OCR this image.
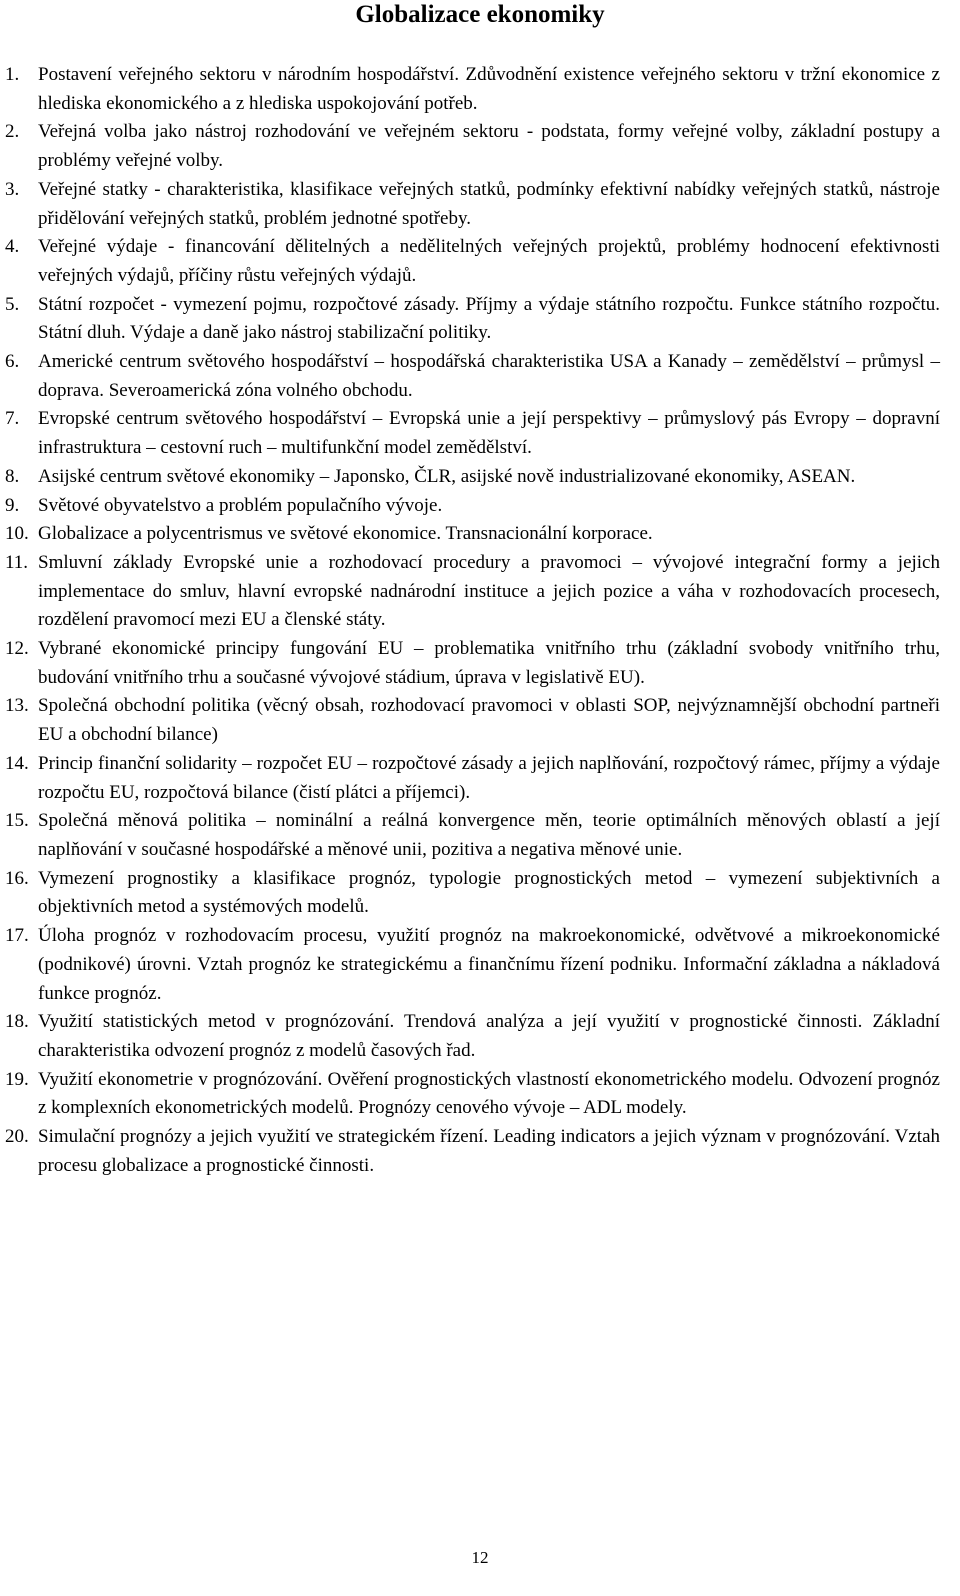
Globalizace ekonomiky
1. Postavení veřejného sektoru v národním hospodářství. Zdůvodnění existence veřejného sektoru v tržní ekonomice z hlediska ekonomického a z hlediska uspokojování potřeb.
2. Veřejná volba jako nástroj rozhodování ve veřejném sektoru - podstata, formy veřejné volby, základní postupy a problémy veřejné volby.
3. Veřejné statky - charakteristika, klasifikace veřejných statků, podmínky efektivní nabídky veřejných statků, nástroje přidělování veřejných statků, problém jednotné spotřeby.
4. Veřejné výdaje - financování dělitelných a nedělitelných veřejných projektů, problémy hodnocení efektivnosti veřejných výdajů, příčiny růstu veřejných výdajů.
5. Státní rozpočet - vymezení pojmu, rozpočtové zásady. Příjmy a výdaje státního rozpočtu. Funkce státního rozpočtu. Státní dluh. Výdaje a daně jako nástroj stabilizační politiky.
6. Americké centrum světového hospodářství – hospodářská charakteristika USA a Kanady – zemědělství – průmysl – doprava. Severoamerická zóna volného obchodu.
7. Evropské centrum světového hospodářství – Evropská unie a její perspektivy – průmyslový pás Evropy – dopravní infrastruktura – cestovní ruch – multifunkční model zemědělství.
8. Asijské centrum světové ekonomiky – Japonsko, ČLR, asijské nově industrializované ekonomiky, ASEAN.
9. Světové obyvatelstvo a problém populačního vývoje.
10. Globalizace a polycentrismus ve světové ekonomice. Transnacionální korporace.
11. Smluvní základy Evropské unie a rozhodovací procedury a pravomoci – vývojové integrační formy a jejich implementace do smluv, hlavní evropské nadnárodní instituce a jejich pozice a váha v rozhodovacích procesech, rozdělení pravomocí mezi EU a členské státy.
12. Vybrané ekonomické principy fungování EU – problematika vnitřního trhu (základní svobody vnitřního trhu, budování vnitřního trhu a současné vývojové stádium, úprava v legislativě EU).
13. Společná obchodní politika (věcný obsah, rozhodovací pravomoci v oblasti SOP, nejvýznamnější obchodní partneři EU a obchodní bilance)
14. Princip finanční solidarity – rozpočet EU – rozpočtové zásady a jejich naplňování, rozpočtový rámec, příjmy a výdaje rozpočtu EU, rozpočtová bilance (čistí plátci a příjemci).
15. Společná měnová politika – nominální a reálná konvergence měn, teorie optimálních měnových oblastí a její naplňování v současné hospodářské a měnové unii, pozitiva a negativa měnové unie.
16. Vymezení prognostiky a klasifikace prognóz, typologie prognostických metod – vymezení subjektivních a objektivních metod a systémových modelů.
17. Úloha prognóz v rozhodovacím procesu, využití prognóz na makroekonomické, odvětvové a mikroekonomické (podnikové) úrovni. Vztah prognóz ke strategickému a finančnímu řízení podniku. Informační základna a nákladová funkce prognóz.
18. Využití statistických metod v prognózování. Trendová analýza a její využití v prognostické činnosti. Základní charakteristika odvození prognóz z modelů časových řad.
19. Využití ekonometrie v prognózování. Ověření prognostických vlastností ekonometrického modelu. Odvození prognóz z komplexních ekonometrických modelů. Prognózy cenového vývoje – ADL modely.
20. Simulační prognózy a jejich využití ve strategickém řízení. Leading indicators a jejich význam v prognózování. Vztah procesu globalizace a prognostické činnosti.
12
